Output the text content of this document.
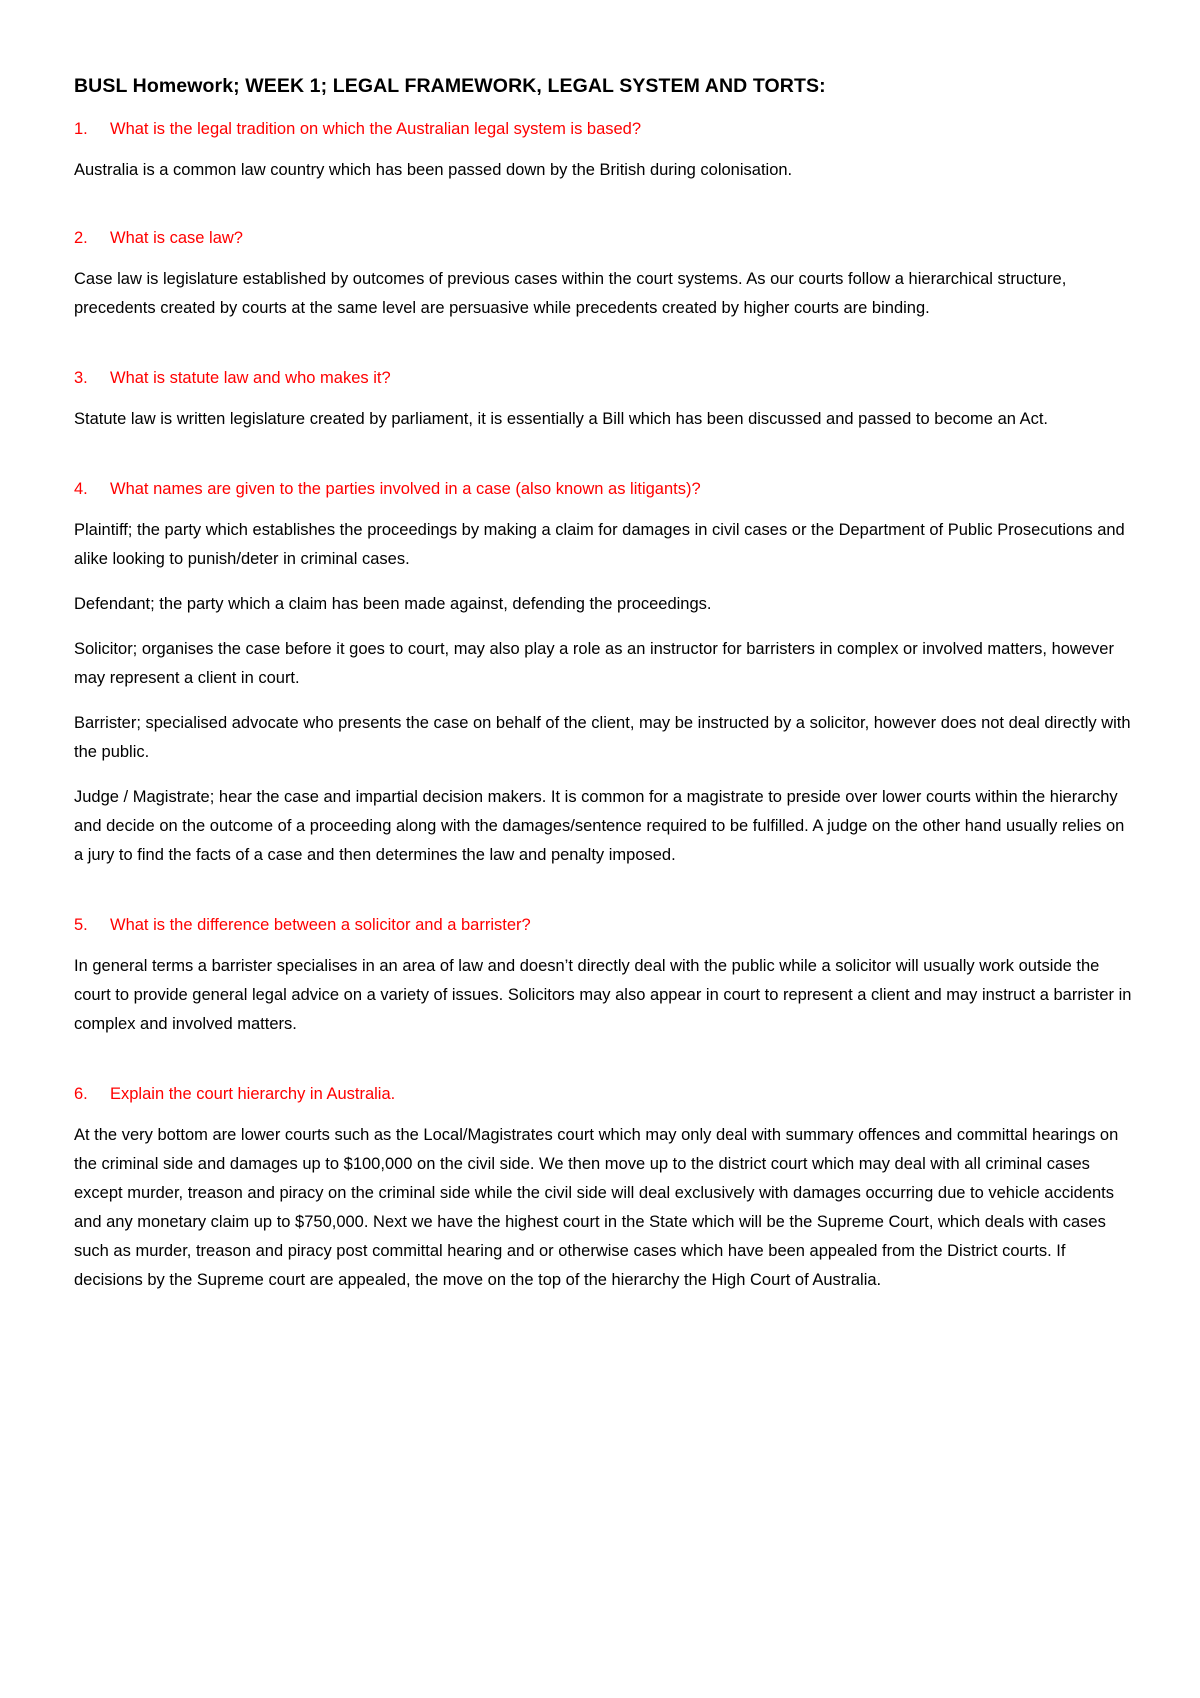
BUSL Homework; WEEK 1; LEGAL FRAMEWORK, LEGAL SYSTEM AND TORTS:
1.	What is the legal tradition on which the Australian legal system is based?

Australia is a common law country which has been passed down by the British during colonisation.

2.	What is case law?

Case law is legislature established by outcomes of previous cases within the court systems. As our courts follow a hierarchical structure, precedents created by courts at the same level are persuasive while precedents created by higher courts are binding.

3.	What is statute law and who makes it?

Statute law is written legislature created by parliament, it is essentially a Bill which has been discussed and passed to become an Act.

4.	What names are given to the parties involved in a case (also known as litigants)?

Plaintiff; the party which establishes the proceedings by making a claim for damages in civil cases or the Department of Public Prosecutions and alike looking to punish/deter in criminal cases.

Defendant; the party which a claim has been made against, defending the proceedings.

Solicitor; organises the case before it goes to court, may also play a role as an instructor for barristers in complex or involved matters, however may represent a client in court.

Barrister; specialised advocate who presents the case on behalf of the client, may be instructed by a solicitor, however does not deal directly with the public.

Judge / Magistrate; hear the case and impartial decision makers. It is common for a magistrate to preside over lower courts within the hierarchy and decide on the outcome of a proceeding along with the damages/sentence required to be fulfilled. A judge on the other hand usually relies on a jury to find the facts of a case and then determines the law and penalty imposed.

5.	What is the difference between a solicitor and a barrister?

In general terms a barrister specialises in an area of law and doesn’t directly deal with the public while a solicitor will usually work outside the court to provide general legal advice on a variety of issues. Solicitors may also appear in court to represent a client and may instruct a barrister in complex and involved matters.

6.	Explain the court hierarchy in Australia.

At the very bottom are lower courts such as the Local/Magistrates court which may only deal with summary offences and committal hearings on the criminal side and damages up to $100,000 on the civil side. We then move up to the district court which may deal with all criminal cases except murder, treason and piracy on the criminal side while the civil side will deal exclusively with damages occurring due to vehicle accidents and any monetary claim up to $750,000. Next we have the highest court in the State which will be the Supreme Court, which deals with cases such as murder, treason and piracy post committal hearing and or otherwise cases which have been appealed from the District courts. If decisions by the Supreme court are appealed, the move on the top of the hierarchy the High Court of Australia.
